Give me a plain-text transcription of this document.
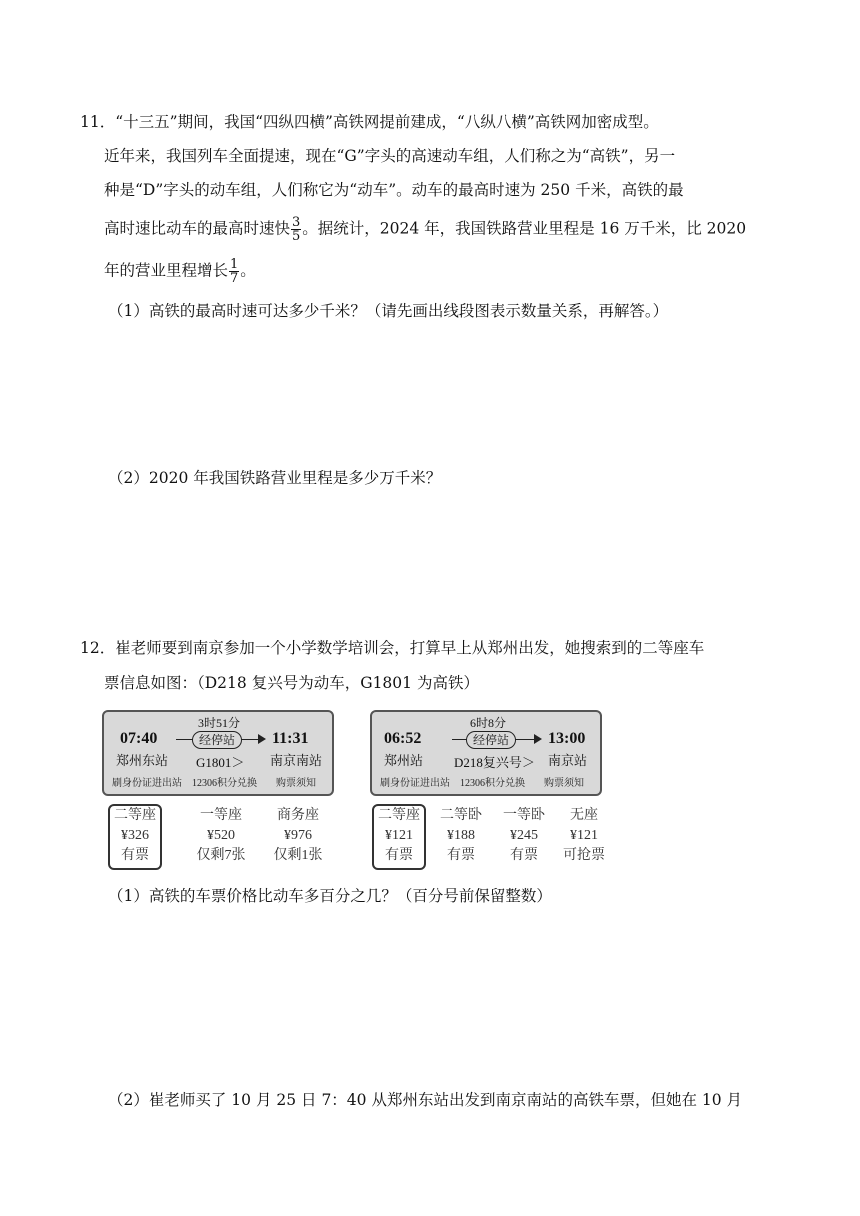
11．“十三五”期间，我国“四纵四横”高铁网提前建成，“八纵八横”高铁网加密成型。
近年来，我国列车全面提速，现在“G”字头的高速动车组，人们称之为“高铁”，另一
种是“D”字头的动车组，人们称它为“动车”。动车的最高时速为 250 千米，高铁的最
高时速比动车的最高时速快 $\frac{3}{5}$ 。据统计，2024 年，我国铁路营业里程是 16 万千米，比 2020
年的营业里程增长 $\frac{1}{7}$ 。
（1）高铁的最高时速可达多少千米？（请先画出线段图表示数量关系，再解答。）
（2）2020 年我国铁路营业里程是多少万千米？
12．崔老师要到南京参加一个小学数学培训会，打算早上从郑州出发，她搜索到的二等座车
票信息如图：（D218 复兴号为动车，G1801 为高铁）
07:40
郑州东站
3时51分
经停站
G1801＞
11:31
南京南站
刷身份证进出站 12306积分兑换 购票须知
二等座
¥326
有票
一等座
¥520
仅剩7张
商务座
¥976
仅剩1张
06:52
郑州站
6时8分
经停站
D218复兴号＞
13:00
南京站
刷身份证进出站 12306积分兑换 购票须知
二等座
¥121
有票
二等卧
¥188
有票
一等卧
¥245
有票
无座
¥121
可抢票
（1）高铁的车票价格比动车多百分之几？（百分号前保留整数）
（2）崔老师买了 10 月 25 日 7：40 从郑州东站出发到南京南站的高铁车票，但她在 10 月
